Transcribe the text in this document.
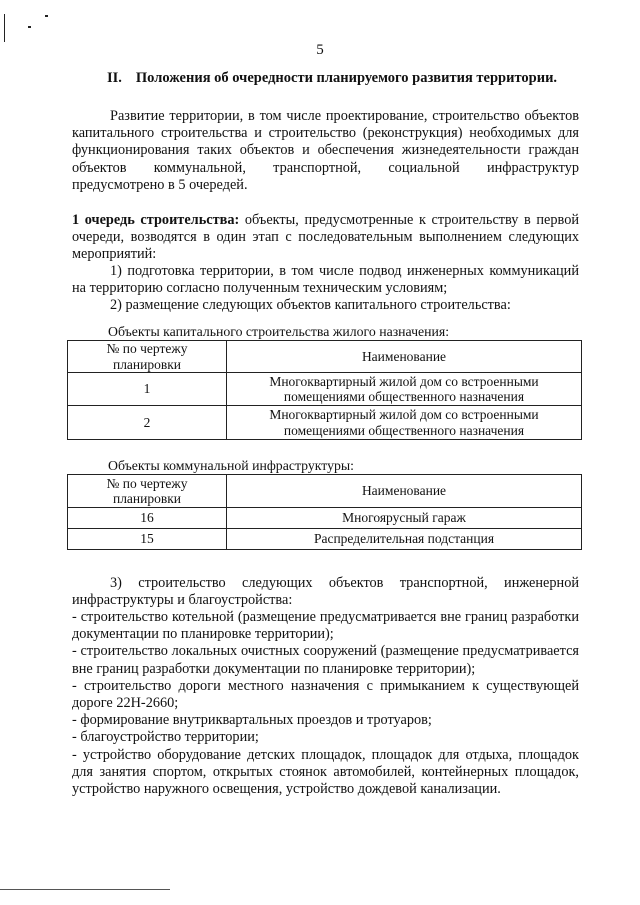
5
II. Положения об очередности планируемого развития территории.
Развитие территории, в том числе проектирование, строительство объектов
капитального строительства и строительство (реконструкция) необходимых для
функционирования таких объектов и обеспечения жизнедеятельности граждан
объектов коммунальной, транспортной, социальной инфраструктур
предусмотрено в 5 очередей.
1 очередь строительства: объекты, предусмотренные к строительству в первой очереди, возводятся в один этап с последовательным выполнением следующих мероприятий:
1) подготовка территории, в том числе подвод инженерных коммуникаций на территорию согласно полученным техническим условиям;
2) размещение следующих объектов капитального строительства:
Объекты капитального строительства жилого назначения:
№ по чертежу планировки	Наименование
1	Многоквартирный жилой дом со встроенными помещениями общественного назначения
2	Многоквартирный жилой дом со встроенными помещениями общественного назначения
Объекты коммунальной инфраструктуры:
№ по чертежу планировки	Наименование
16	Многоярусный гараж
15	Распределительная подстанция
3) строительство следующих объектов транспортной, инженерной инфраструктуры и благоустройства:
- строительство котельной (размещение предусматривается вне границ разработки документации по планировке территории);
- строительство локальных очистных сооружений (размещение предусматривается вне границ разработки документации по планировке территории);
- строительство дороги местного назначения с примыканием к существующей дороге 22Н-2660;
- формирование внутриквартальных проездов и тротуаров;
- благоустройство территории;
- устройство оборудование детских площадок, площадок для отдыха, площадок для занятия спортом, открытых стоянок автомобилей, контейнерных площадок, устройство наружного освещения, устройство дождевой канализации.
